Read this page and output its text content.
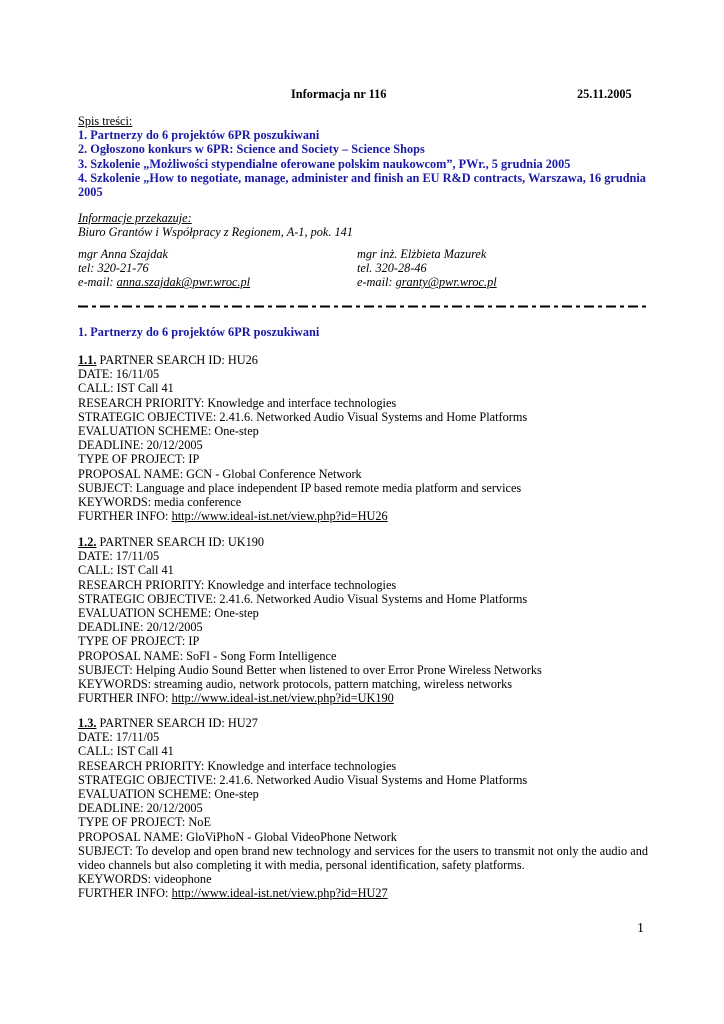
Informacja nr 116	25.11.2005
Spis treści:
1. Partnerzy do 6 projektów 6PR poszukiwani
2. Ogłoszono konkurs w 6PR: Science and Society – Science Shops
3. Szkolenie „Możliwości stypendialne oferowane polskim naukowcom”, PWr., 5 grudnia 2005
4. Szkolenie „How to negotiate, manage, administer and finish an EU R&D contracts, Warszawa, 16 grudnia
2005
Informacje przekazuje:
Biuro Grantów i Współpracy z Regionem, A-1, pok. 141
mgr Anna Szajdak
tel: 320-21-76
e-mail: anna.szajdak@pwr.wroc.pl
mgr inż. Elżbieta Mazurek
tel. 320-28-46
e-mail: granty@pwr.wroc.pl
1. Partnerzy do 6 projektów 6PR poszukiwani
1.1. PARTNER SEARCH ID: HU26
DATE: 16/11/05
CALL: IST Call 41
RESEARCH PRIORITY: Knowledge and interface technologies
STRATEGIC OBJECTIVE: 2.41.6. Networked Audio Visual Systems and Home Platforms
EVALUATION SCHEME: One-step
DEADLINE: 20/12/2005
TYPE OF PROJECT: IP
PROPOSAL NAME: GCN - Global Conference Network
SUBJECT: Language and place independent IP based remote media platform and services
KEYWORDS: media conference
FURTHER INFO: http://www.ideal-ist.net/view.php?id=HU26
1.2. PARTNER SEARCH ID: UK190
DATE: 17/11/05
CALL: IST Call 41
RESEARCH PRIORITY: Knowledge and interface technologies
STRATEGIC OBJECTIVE: 2.41.6. Networked Audio Visual Systems and Home Platforms
EVALUATION SCHEME: One-step
DEADLINE: 20/12/2005
TYPE OF PROJECT: IP
PROPOSAL NAME: SoFI - Song Form Intelligence
SUBJECT: Helping Audio Sound Better when listened to over Error Prone Wireless Networks
KEYWORDS: streaming audio, network protocols, pattern matching, wireless networks
FURTHER INFO: http://www.ideal-ist.net/view.php?id=UK190
1.3. PARTNER SEARCH ID: HU27
DATE: 17/11/05
CALL: IST Call 41
RESEARCH PRIORITY: Knowledge and interface technologies
STRATEGIC OBJECTIVE: 2.41.6. Networked Audio Visual Systems and Home Platforms
EVALUATION SCHEME: One-step
DEADLINE: 20/12/2005
TYPE OF PROJECT: NoE
PROPOSAL NAME: GloViPhoN - Global VideoPhone Network
SUBJECT: To develop and open brand new technology and services for the users to transmit not only the audio and video channels but also completing it with media, personal identification, safety platforms.
KEYWORDS: videophone
FURTHER INFO: http://www.ideal-ist.net/view.php?id=HU27
1
